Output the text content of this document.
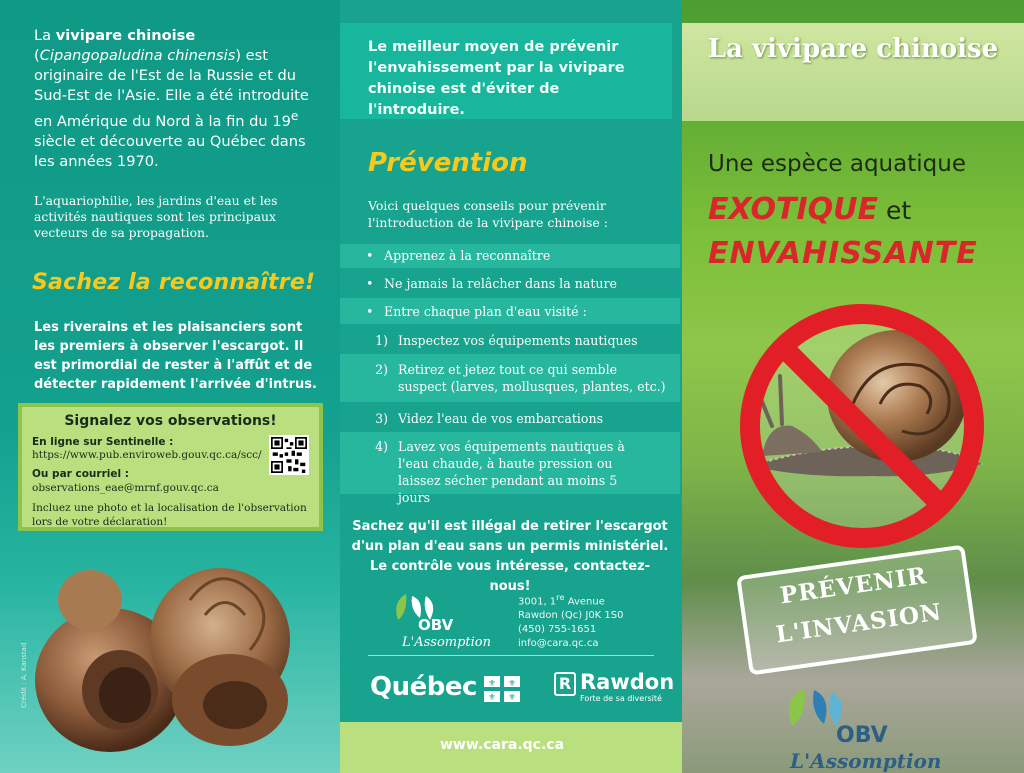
La vivipare chinoise
(Cipangopaludina chinensis) est originaire de l'Est de la Russie et du Sud-Est de l'Asie. Elle a été introduite en Amérique du Nord à la fin du 19e siècle et découverte au Québec dans les années 1970.
L'aquariophilie, les jardins d'eau et les activités nautiques sont les principaux vecteurs de sa propagation.
Sachez la reconnaître!
Les riverains et les plaisanciers sont les premiers à observer l'escargot. Il est primordial de rester à l'affût et de détecter rapidement l'arrivée d'intrus.
Signalez vos observations!
En ligne sur Sentinelle :
https://www.pub.enviroweb.gouv.qc.ca/scc/
Ou par courriel : observations_eae@mrnf.gouv.qc.ca
Incluez une photo et la localisation de l'observation lors de votre déclaration!
Crédit : A. Kanstad
Le meilleur moyen de prévenir l'envahissement par la vivipare chinoise est d'éviter de l'introduire.
Prévention
Voici quelques conseils pour prévenir l'introduction de la vivipare chinoise :
• Apprenez à la reconnaître
• Ne jamais la relâcher dans la nature
• Entre chaque plan d'eau visité :
1) Inspectez vos équipements nautiques
2) Retirez et jetez tout ce qui semble suspect (larves, mollusques, plantes, etc.)
3) Videz l'eau de vos embarcations
4) Lavez vos équipements nautiques à l'eau chaude, à haute pression ou laissez sécher pendant au moins 5 jours
Sachez qu'il est illégal de retirer l'escargot d'un plan d'eau sans un permis ministériel. Le contrôle vous intéresse, contactez-nous!
OBV
L'Assomption
3001, 1re Avenue
Rawdon (Qc) J0K 1S0
(450) 755-1651
info@cara.qc.ca
Québec ⚜ ⚜
⚜ ⚜
R Rawdon
Forte de sa diversité
www.cara.qc.ca
La vivipare chinoise
Une espèce aquatique
EXOTIQUE et
ENVAHISSANTE
PRÉVENIR
L'INVASION
OBV
L'Assomption
